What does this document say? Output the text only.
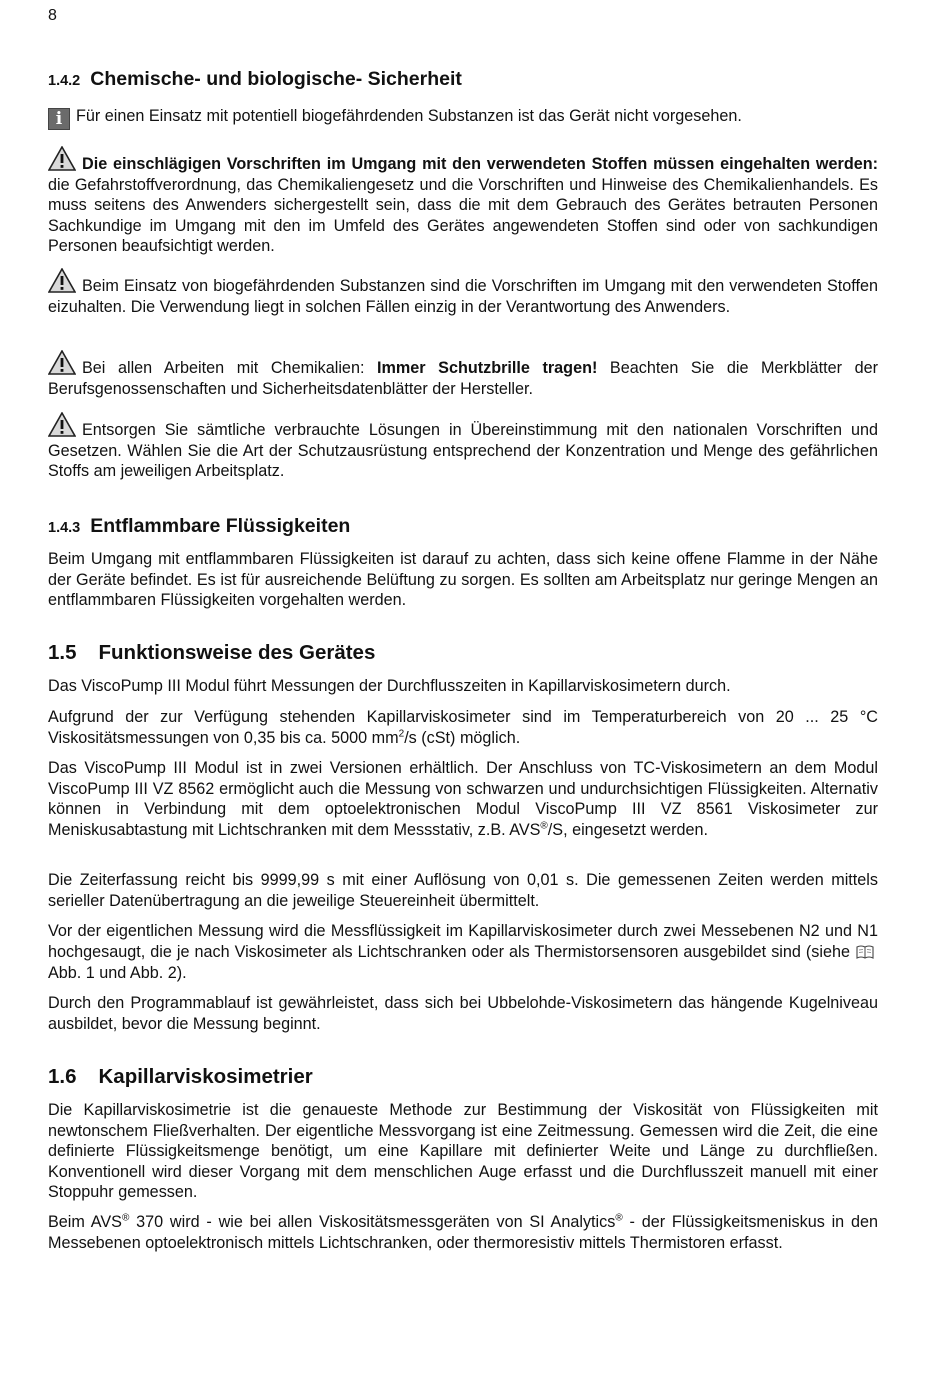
8
1.4.2 Chemische- und biologische- Sicherheit

i Für einen Einsatz mit potentiell biogefährdenden Substanzen ist das Gerät nicht vorgesehen.

Die einschlägigen Vorschriften im Umgang mit den verwendeten Stoffen müssen eingehalten werden: die Gefahrstoffverordnung, das Chemikaliengesetz und die Vorschriften und Hinweise des Chemikalienhandels. Es muss seitens des Anwenders sichergestellt sein, dass die mit dem Gebrauch des Gerätes betrauten Personen Sachkundige im Umgang mit den im Umfeld des Gerätes angewendeten Stoffen sind oder von sachkundigen Personen beaufsichtigt werden.

Beim Einsatz von biogefährdenden Substanzen sind die Vorschriften im Umgang mit den verwendeten Stoffen eizuhalten. Die Verwendung liegt in solchen Fällen einzig in der Verantwortung des Anwenders.

Bei allen Arbeiten mit Chemikalien: Immer Schutzbrille tragen! Beachten Sie die Merkblätter der Berufsgenossenschaften und Sicherheitsdatenblätter der Hersteller.

Entsorgen Sie sämtliche verbrauchte Lösungen in Übereinstimmung mit den nationalen Vorschriften und Gesetzen. Wählen Sie die Art der Schutzausrüstung entsprechend der Konzentration und Menge des gefährlichen Stoffs am jeweiligen Arbeitsplatz.

1.4.3 Entflammbare Flüssigkeiten

Beim Umgang mit entflammbaren Flüssigkeiten ist darauf zu achten, dass sich keine offene Flamme in der Nähe der Geräte befindet. Es ist für ausreichende Belüftung zu sorgen. Es sollten am Arbeitsplatz nur geringe Mengen an entflammbaren Flüssigkeiten vorgehalten werden.

1.5 Funktionsweise des Gerätes

Das ViscoPump III Modul führt Messungen der Durchflusszeiten in Kapillarviskosimetern durch.

Aufgrund der zur Verfügung stehenden Kapillarviskosimeter sind im Temperaturbereich von 20 ... 25 °C Viskositätsmessungen von 0,35 bis ca. 5000 $mm^2/s$ (cSt) möglich.

Das ViscoPump III Modul ist in zwei Versionen erhältlich. Der Anschluss von TC-Viskosimetern an dem Modul ViscoPump III VZ 8562 ermöglicht auch die Messung von schwarzen und undurchsichtigen Flüssigkeiten. Alternativ können in Verbindung mit dem optoelektronischen Modul ViscoPump III VZ 8561 Viskosimeter zur Meniskusabtastung mit Lichtschranken mit dem Messstativ, z.B. AVS®/S, eingesetzt werden.

Die Zeiterfassung reicht bis 9999,99 s mit einer Auflösung von 0,01 s. Die gemessenen Zeiten werden mittels serieller Datenübertragung an die jeweilige Steuereinheit übermittelt.

Vor der eigentlichen Messung wird die Messflüssigkeit im Kapillarviskosimeter durch zwei Messebenen N2 und N1 hochgesaugt, die je nach Viskosimeter als Lichtschranken oder als Thermistorsensoren ausgebildet sind (sieheAbb. 1 und Abb. 2).

Durch den Programmablauf ist gewährleistet, dass sich bei Ubbelohde-Viskosimetern das hängende Kugelniveau ausbildet, bevor die Messung beginnt.

1.6 Kapillarviskosimetrier

Die Kapillarviskosimetrie ist die genaueste Methode zur Bestimmung der Viskosität von Flüssigkeiten mit newtonschem Fließverhalten. Der eigentliche Messvorgang ist eine Zeitmessung. Gemessen wird die Zeit, die eine definierte Flüssigkeitsmenge benötigt, um eine Kapillare mit definierter Weite und Länge zu durchfließen. Konventionell wird dieser Vorgang mit dem menschlichen Auge erfasst und die Durchflusszeit manuell mit einer Stoppuhr gemessen.

Beim AVS® 370 wird - wie bei allen Viskositätsmessgeräten von SI Analytics® - der Flüssigkeitsmeniskus in den Messebenen optoelektronisch mittels Lichtschranken, oder thermoresistiv mittels Thermistoren erfasst.
